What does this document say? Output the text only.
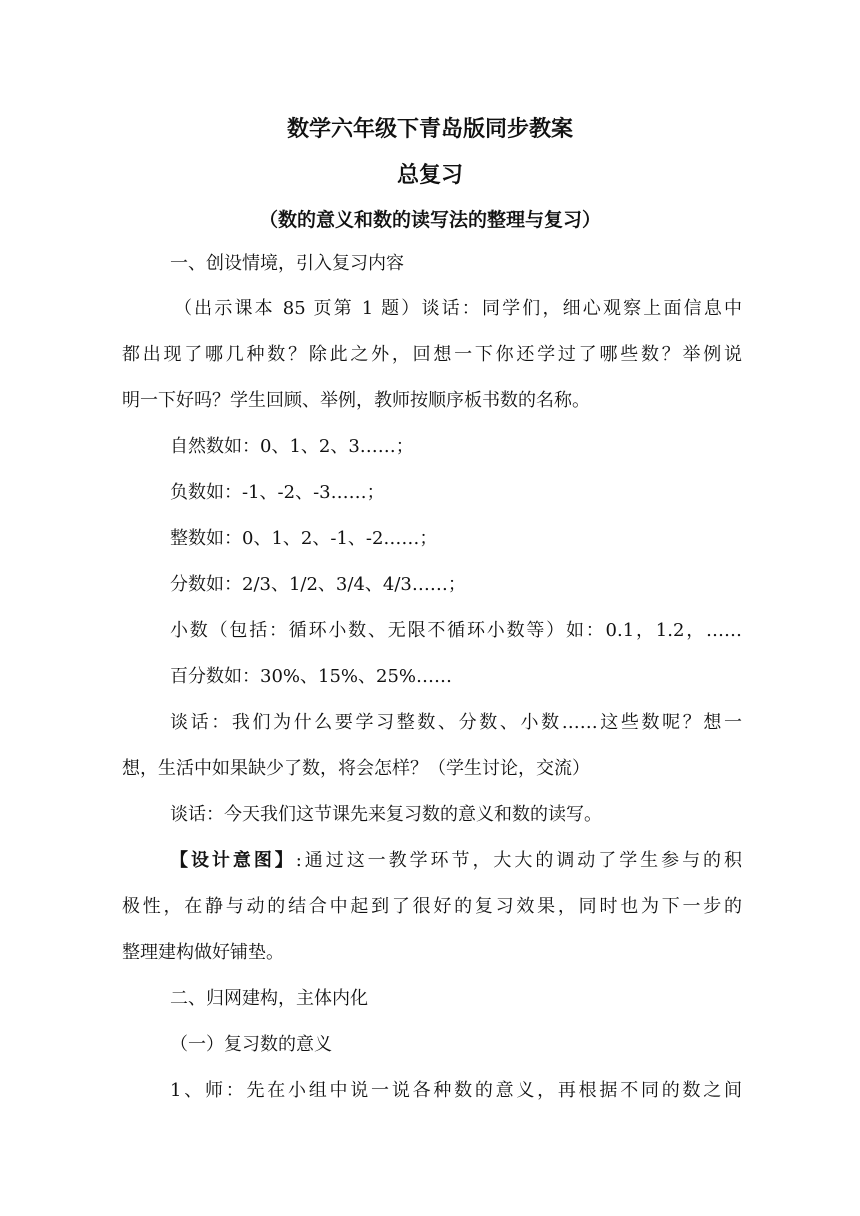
数学六年级下青岛版同步教案
总复习
（数的意义和数的读写法的整理与复习）
一、创设情境，引入复习内容
（出示课本 85 页第 1 题）谈话：同学们，细心观察上面信息中
都出现了哪几种数？除此之外，回想一下你还学过了哪些数？举例说
明一下好吗？学生回顾、举例，教师按顺序板书数的名称。
自然数如：0、1、2、3……；
负数如：-1、-2、-3……；
整数如：0、1、2、-1、-2……；
分数如：2/3、1/2、3/4、4/3……；
小数（包括：循环小数、无限不循环小数等）如：0.1，1.2，……
百分数如：30%、15%、25%……
谈话：我们为什么要学习整数、分数、小数……这些数呢？想一
想，生活中如果缺少了数，将会怎样？（学生讨论，交流）
谈话：今天我们这节课先来复习数的意义和数的读写。
【设计意图】:通过这一教学环节，大大的调动了学生参与的积
极性，在静与动的结合中起到了很好的复习效果，同时也为下一步的
整理建构做好铺垫。
二、归网建构，主体内化
（一）复习数的意义
1、师：先在小组中说一说各种数的意义，再根据不同的数之间
